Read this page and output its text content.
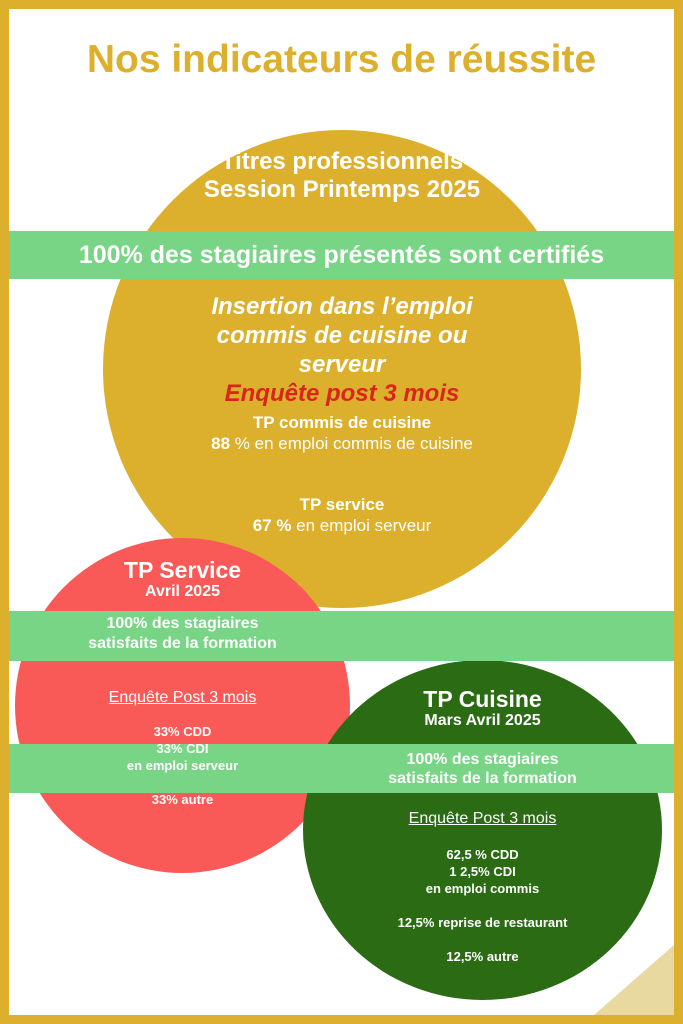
Nos indicateurs de réussite
Titres professionnels
Session Printemps 2025
100% des stagiaires présentés sont certifiés
Insertion dans l’emploi
commis de cuisine ou
serveur
Enquête post 3 mois
TP commis de cuisine
88 % en emploi commis de cuisine
TP service
67 % en emploi serveur
TP Service
Avril 2025
100% des stagiaires
satisfaits de la formation
Enquête Post 3 mois
33% CDD
33% CDI
en emploi serveur
33% autre
TP Cuisine
Mars Avril 2025
100% des stagiaires
satisfaits de la formation
Enquête Post 3 mois
62,5 % CDD
1 2,5% CDI
en emploi commis
12,5% reprise de restaurant
12,5% autre
